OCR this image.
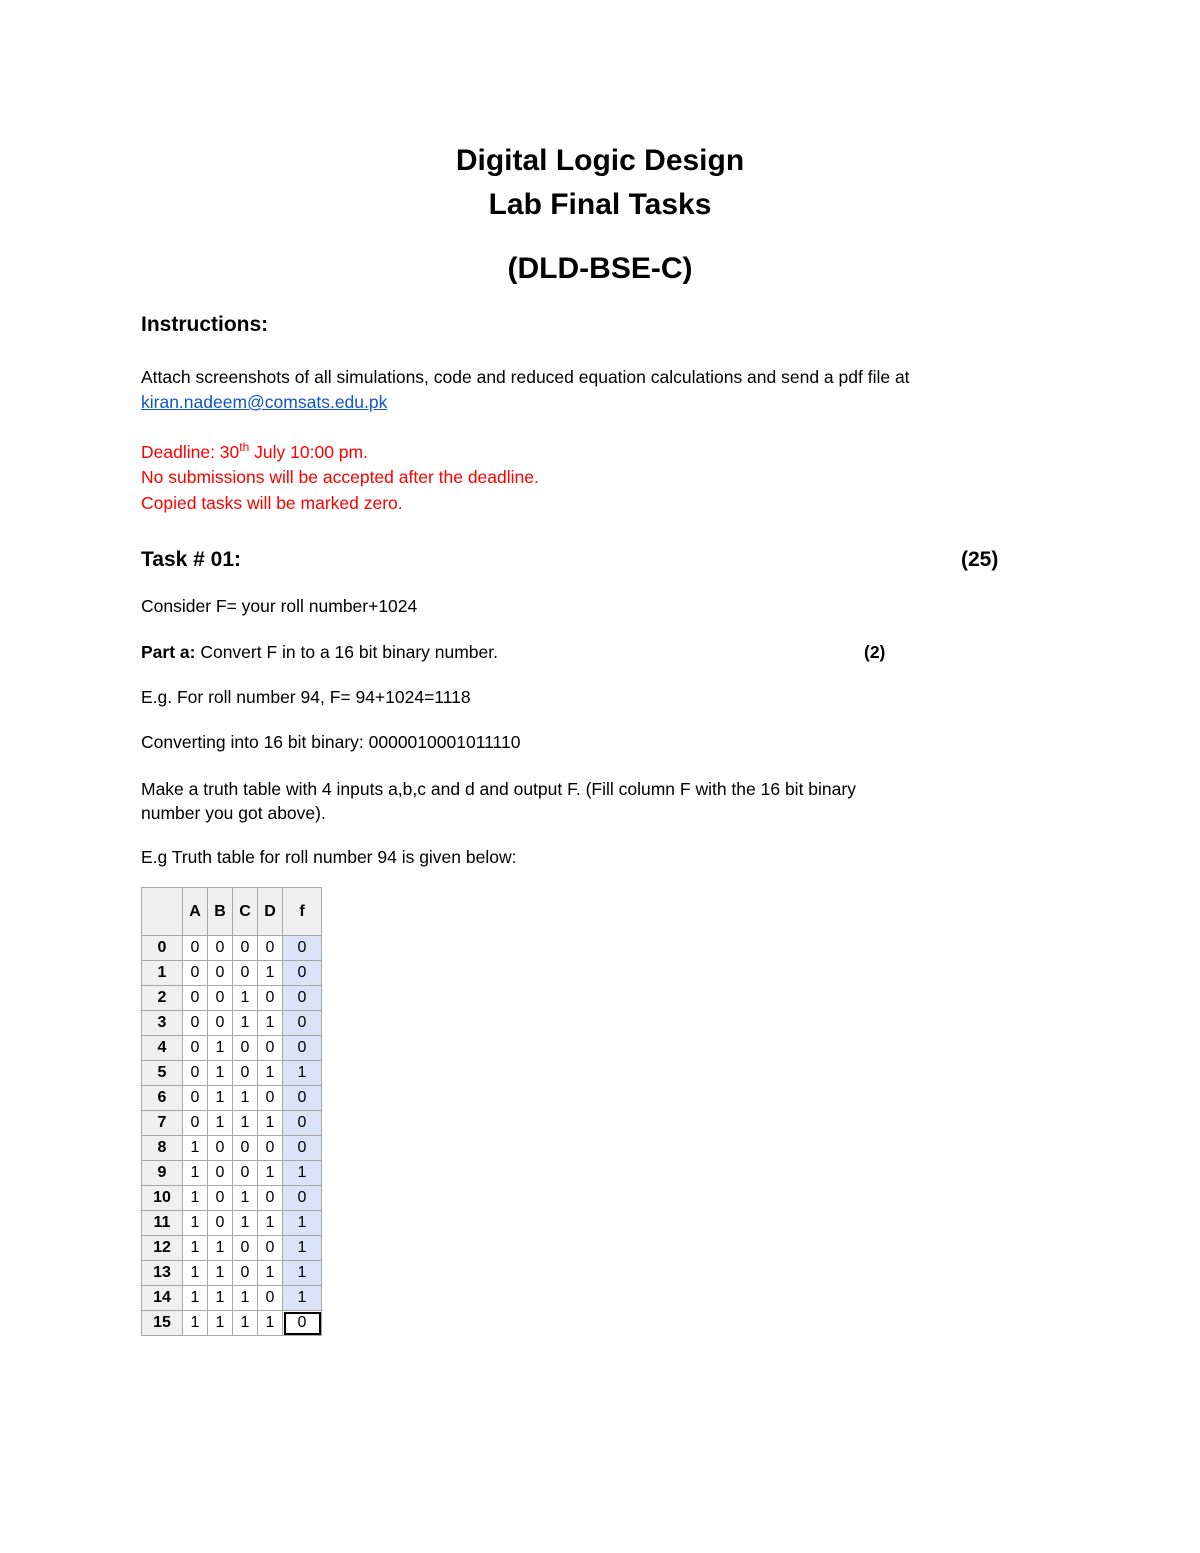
Digital Logic Design
Lab Final Tasks
(DLD-BSE-C)
Instructions:
Attach screenshots of all simulations, code and reduced equation calculations and send a pdf file at
kiran.nadeem@comsats.edu.pk
Deadline: 30th July 10:00 pm.
No submissions will be accepted after the deadline.
Copied tasks will be marked zero.
Task # 01:	(25)
Consider F= your roll number+1024
Part a: Convert F in to a 16 bit binary number.	(2)
E.g. For roll number 94, F= 94+1024=1118
Converting into 16 bit binary: 0000010001011110
Make a truth table with 4 inputs a,b,c and d and output F. (Fill column F with the 16 bit binary
number you got above).
E.g Truth table for roll number 94 is given below:
	A	B	C	D	f
0	0	0	0	0	0
1	0	0	0	1	0
2	0	0	1	0	0
3	0	0	1	1	0
4	0	1	0	0	0
5	0	1	0	1	1
6	0	1	1	0	0
7	0	1	1	1	0
8	1	0	0	0	0
9	1	0	0	1	1
10	1	0	1	0	0
11	1	0	1	1	1
12	1	1	0	0	1
13	1	1	0	1	1
14	1	1	1	0	1
15	1	1	1	1	0
